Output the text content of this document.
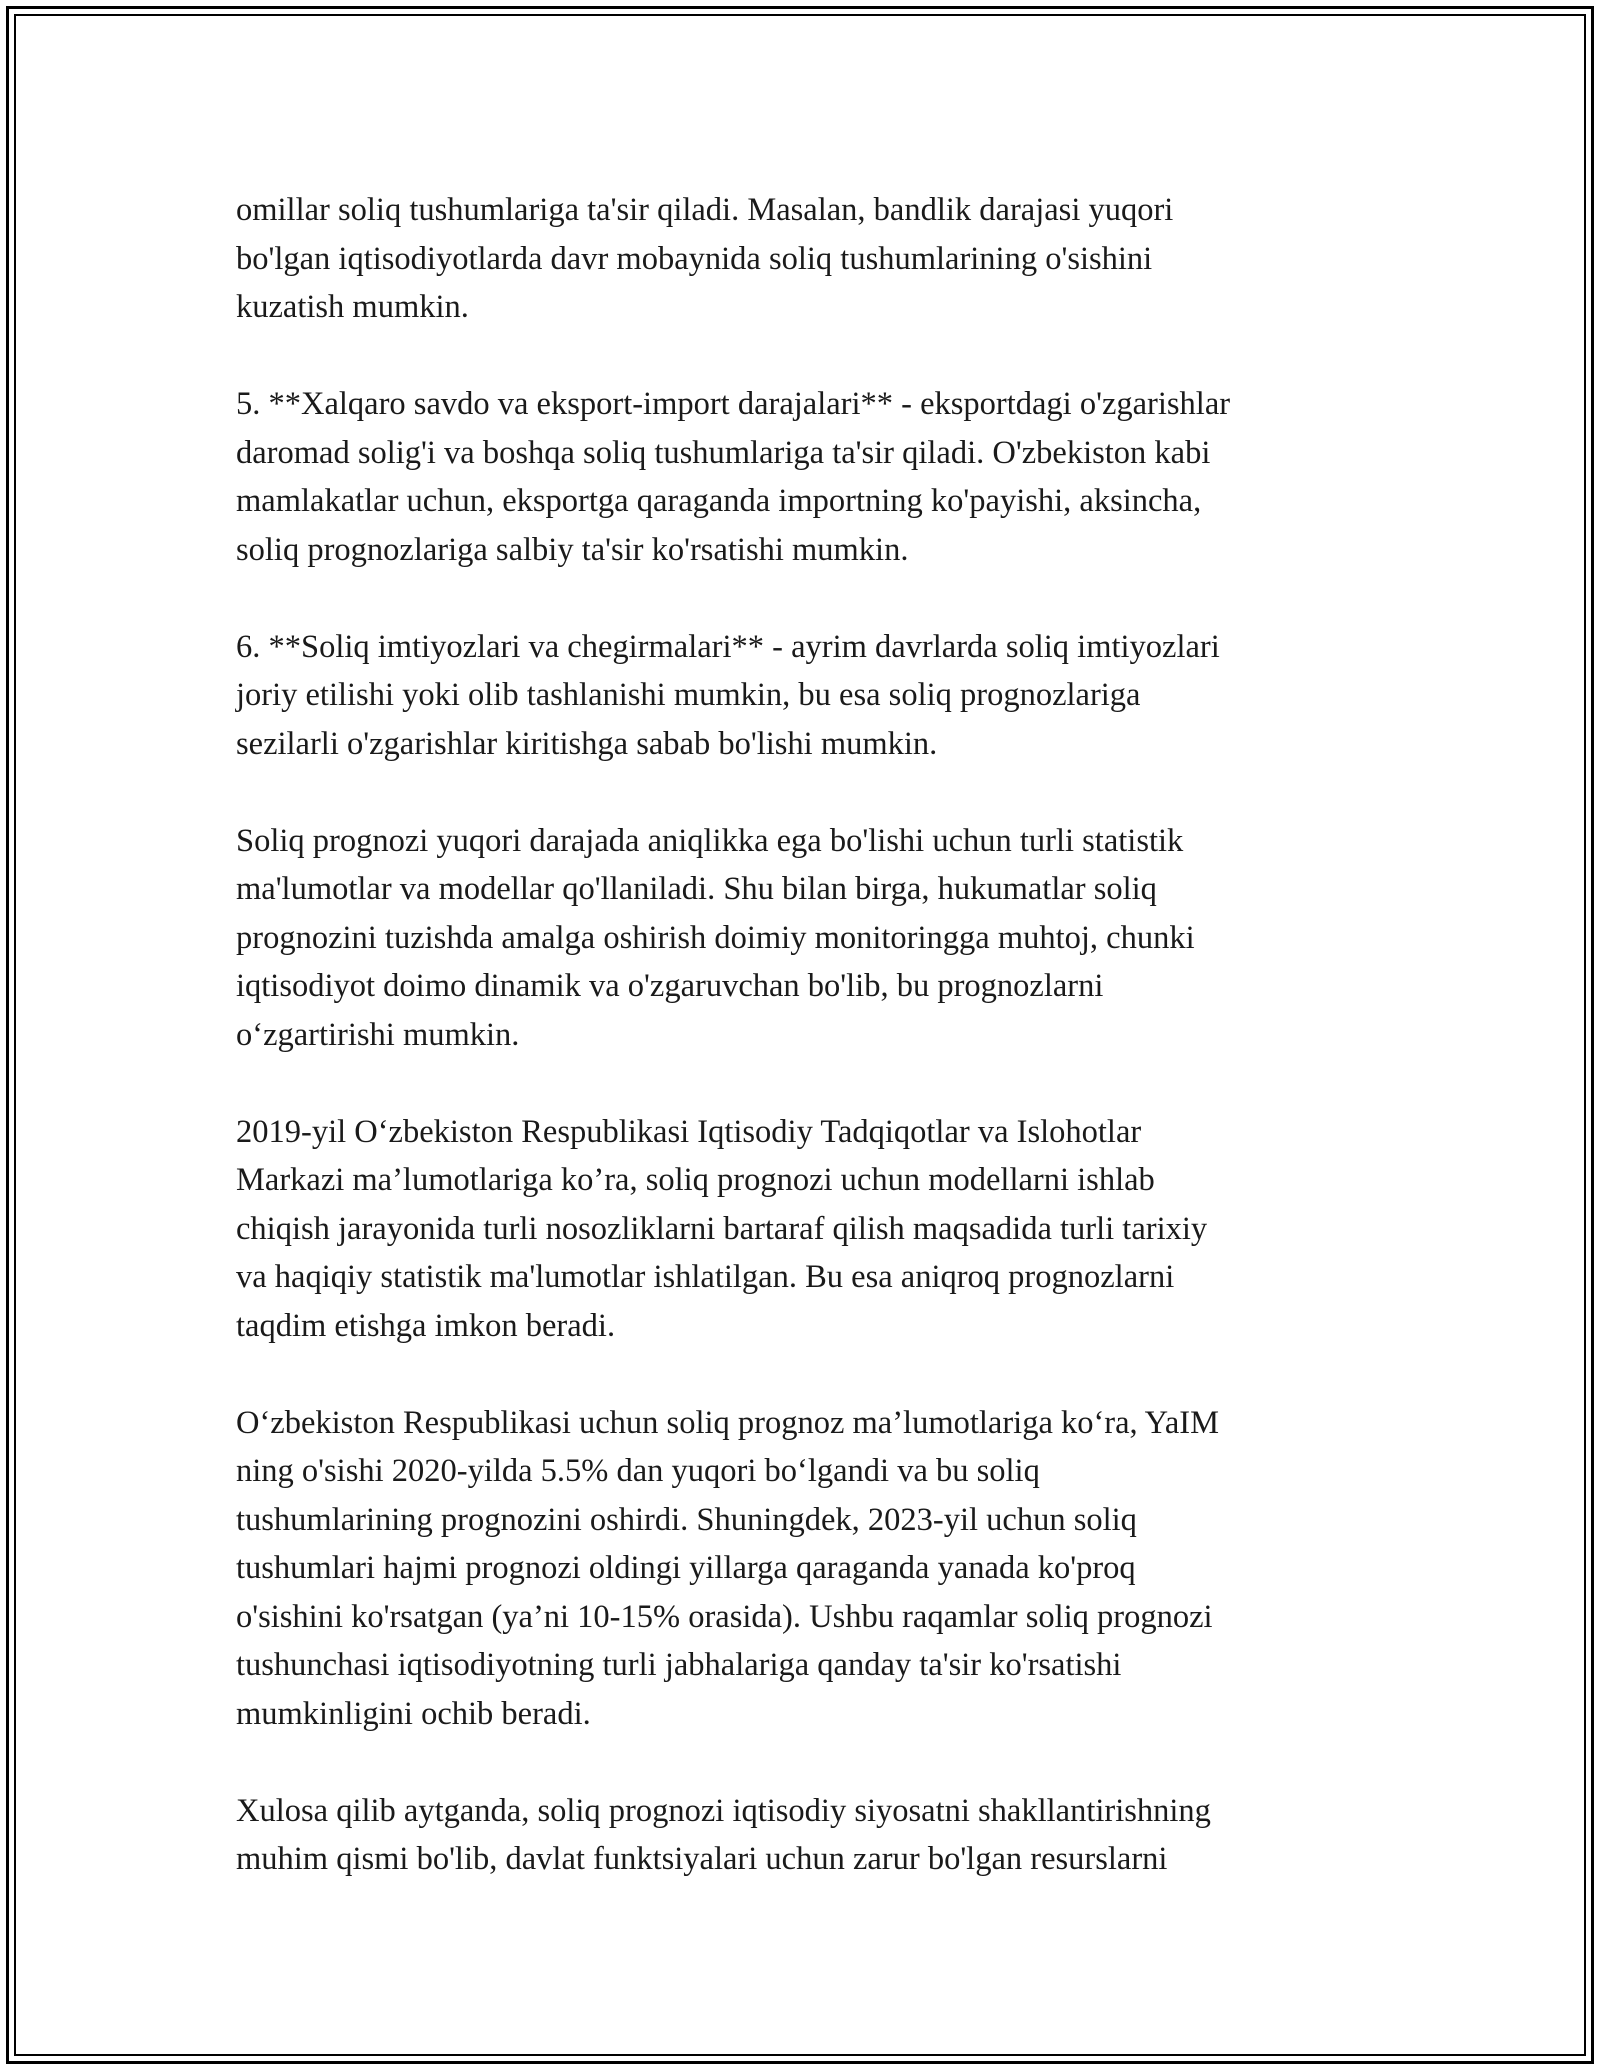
omillar soliq tushumlariga ta'sir qiladi. Masalan, bandlik darajasi yuqori
bo'lgan iqtisodiyotlarda davr mobaynida soliq tushumlarining o'sishini
kuzatish mumkin.

5. **Xalqaro savdo va eksport-import darajalari** - eksportdagi o'zgarishlar
daromad solig'i va boshqa soliq tushumlariga ta'sir qiladi. O'zbekiston kabi
mamlakatlar uchun, eksportga qaraganda importning ko'payishi, aksincha,
soliq prognozlariga salbiy ta'sir ko'rsatishi mumkin.

6. **Soliq imtiyozlari va chegirmalari** - ayrim davrlarda soliq imtiyozlari
joriy etilishi yoki olib tashlanishi mumkin, bu esa soliq prognozlariga
sezilarli o'zgarishlar kiritishga sabab bo'lishi mumkin.

Soliq prognozi yuqori darajada aniqlikka ega bo'lishi uchun turli statistik
ma'lumotlar va modellar qo'llaniladi. Shu bilan birga, hukumatlar soliq
prognozini tuzishda amalga oshirish doimiy monitoringga muhtoj, chunki
iqtisodiyot doimo dinamik va o'zgaruvchan bo'lib, bu prognozlarni
o‘zgartirishi mumkin.

2019-yil O‘zbekiston Respublikasi Iqtisodiy Tadqiqotlar va Islohotlar
Markazi ma’lumotlariga ko’ra, soliq prognozi uchun modellarni ishlab
chiqish jarayonida turli nosozliklarni bartaraf qilish maqsadida turli tarixiy
va haqiqiy statistik ma'lumotlar ishlatilgan. Bu esa aniqroq prognozlarni
taqdim etishga imkon beradi.

O‘zbekiston Respublikasi uchun soliq prognoz ma’lumotlariga ko‘ra, YaIM
ning o'sishi 2020-yilda 5.5% dan yuqori bo‘lgandi va bu soliq
tushumlarining prognozini oshirdi. Shuningdek, 2023-yil uchun soliq
tushumlari hajmi prognozi oldingi yillarga qaraganda yanada ko'proq
o'sishini ko'rsatgan (ya’ni 10-15% orasida). Ushbu raqamlar soliq prognozi
tushunchasi iqtisodiyotning turli jabhalariga qanday ta'sir ko'rsatishi
mumkinligini ochib beradi.

Xulosa qilib aytganda, soliq prognozi iqtisodiy siyosatni shakllantirishning
muhim qismi bo'lib, davlat funktsiyalari uchun zarur bo'lgan resurslarni
